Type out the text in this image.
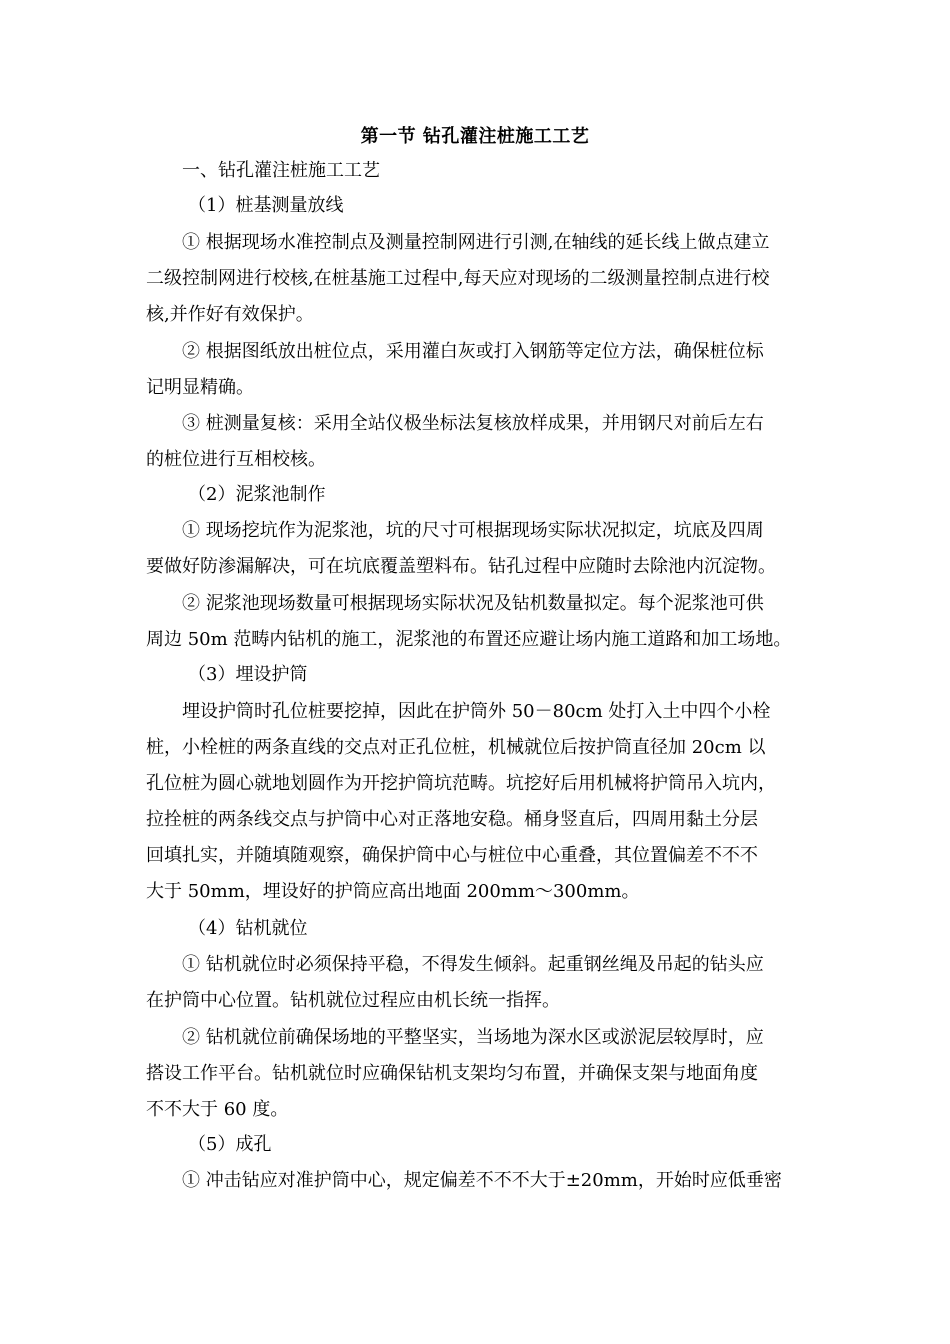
第一节 钻孔灌注桩施工工艺
一、钻孔灌注桩施工工艺
（1）桩基测量放线
① 根据现场水准控制点及测量控制网进行引测,在轴线的延长线上做点建立
二级控制网进行校核,在桩基施工过程中,每天应对现场的二级测量控制点进行校
核,并作好有效保护。
② 根据图纸放出桩位点，采用灌白灰或打入钢筋等定位方法，确保桩位标
记明显精确。
③ 桩测量复核：采用全站仪极坐标法复核放样成果，并用钢尺对前后左右
的桩位进行互相校核。
（2）泥浆池制作
① 现场挖坑作为泥浆池，坑的尺寸可根据现场实际状况拟定，坑底及四周
要做好防渗漏解决，可在坑底覆盖塑料布。钻孔过程中应随时去除池内沉淀物。
② 泥浆池现场数量可根据现场实际状况及钻机数量拟定。每个泥浆池可供
周边 50m 范畴内钻机的施工，泥浆池的布置还应避让场内施工道路和加工场地。
（3）埋设护筒
埋设护筒时孔位桩要挖掉，因此在护筒外 50－80cm 处打入土中四个小栓
桩，小栓桩的两条直线的交点对正孔位桩，机械就位后按护筒直径加 20cm 以
孔位桩为圆心就地划圆作为开挖护筒坑范畴。坑挖好后用机械将护筒吊入坑内，
拉拴桩的两条线交点与护筒中心对正落地安稳。桶身竖直后，四周用黏土分层
回填扎实，并随填随观察，确保护筒中心与桩位中心重叠，其位置偏差不不不
大于 50mm，埋设好的护筒应高出地面 200mm～300mm。
（4）钻机就位
① 钻机就位时必须保持平稳，不得发生倾斜。起重钢丝绳及吊起的钻头应
在护筒中心位置。钻机就位过程应由机长统一指挥。
② 钻机就位前确保场地的平整坚实，当场地为深水区或淤泥层较厚时，应
搭设工作平台。钻机就位时应确保钻机支架均匀布置，并确保支架与地面角度
不不大于 60 度。
（5）成孔
① 冲击钻应对准护筒中心，规定偏差不不不大于±20mm，开始时应低垂密
